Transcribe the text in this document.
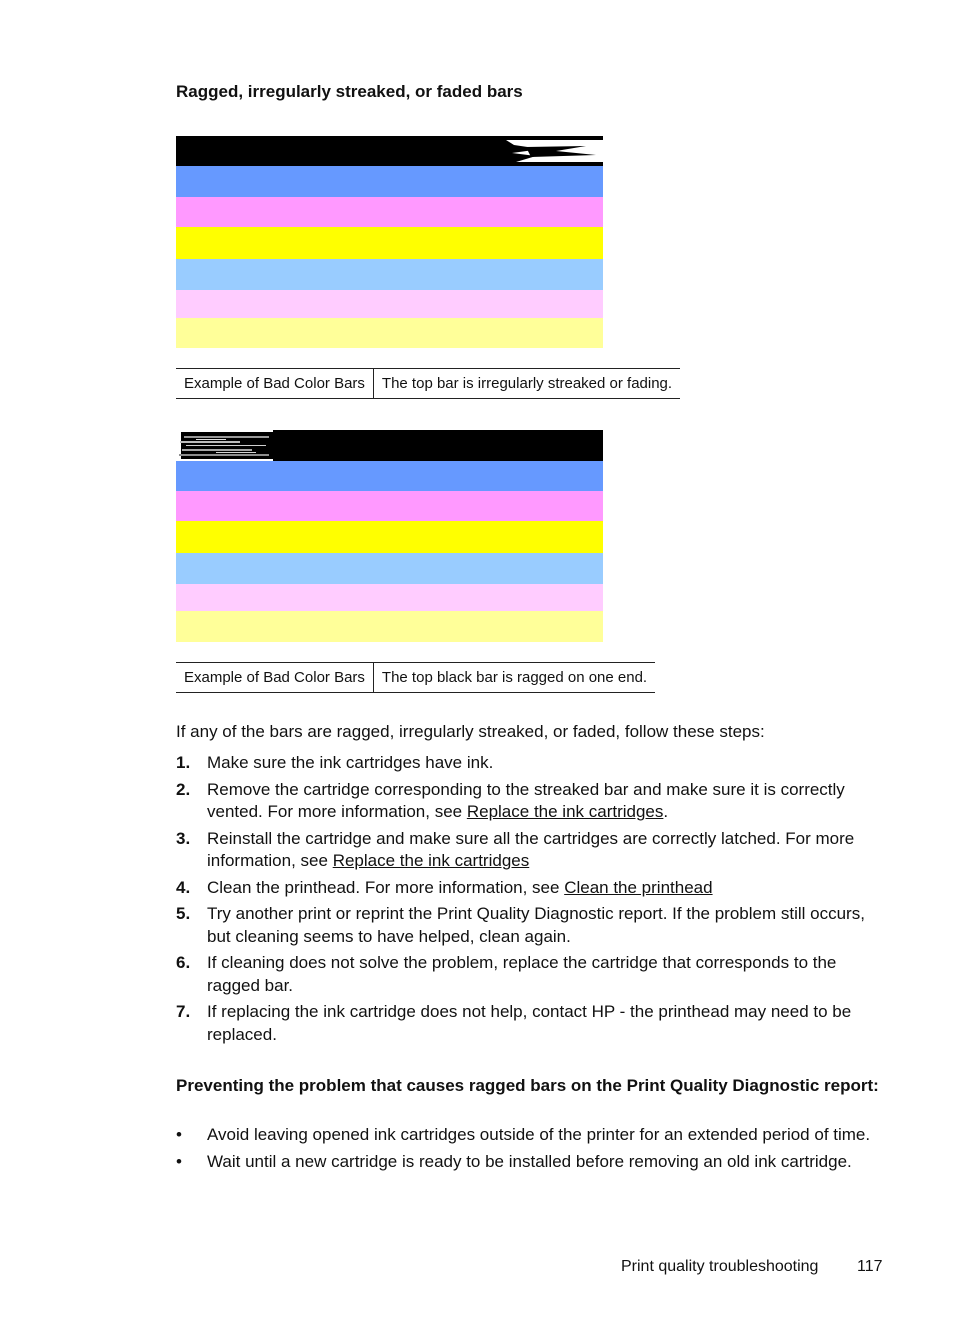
Ragged, irregularly streaked, or faded bars
Example of Bad Color Bars	The top bar is irregularly streaked or fading.
Example of Bad Color Bars	The top black bar is ragged on one end.

If any of the bars are ragged, irregularly streaked, or faded, follow these steps:

1. Make sure the ink cartridges have ink.
2. Remove the cartridge corresponding to the streaked bar and make sure it is correctly vented. For more information, see Replace the ink cartridges.
3. Reinstall the cartridge and make sure all the cartridges are correctly latched. For more information, see Replace the ink cartridges
4. Clean the printhead. For more information, see Clean the printhead
5. Try another print or reprint the Print Quality Diagnostic report. If the problem still occurs, but cleaning seems to have helped, clean again.
6. If cleaning does not solve the problem, replace the cartridge that corresponds to the ragged bar.
7. If replacing the ink cartridge does not help, contact HP - the printhead may need to be replaced.

Preventing the problem that causes ragged bars on the Print Quality Diagnostic report:

• Avoid leaving opened ink cartridges outside of the printer for an extended period of time.
• Wait until a new cartridge is ready to be installed before removing an old ink cartridge.
Print quality troubleshooting 117
